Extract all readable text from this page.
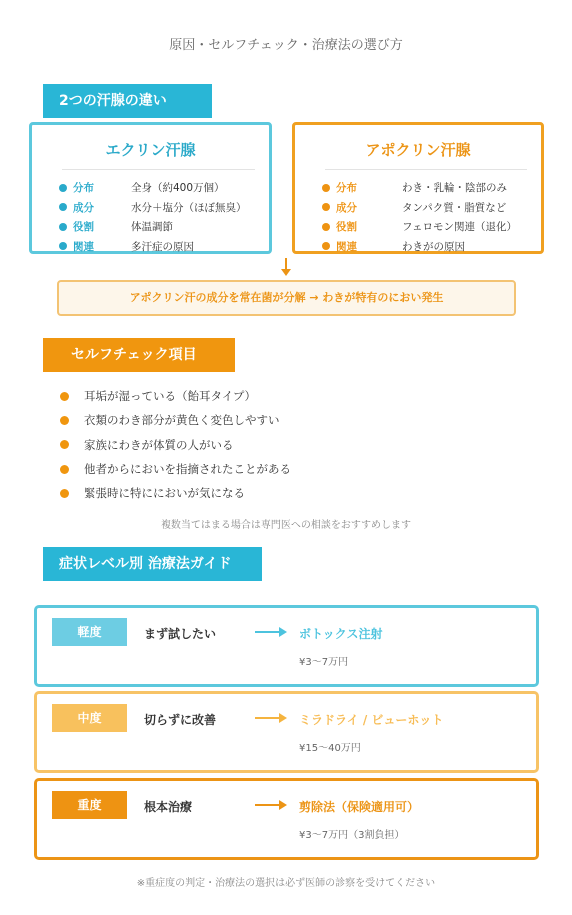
原因・セルフチェック・治療法の選び方
2つの汗腺の違い
エクリン汗腺
分布	全身（約400万個）
成分	水分＋塩分（ほぼ無臭）
役割	体温調節
関連	多汗症の原因
アポクリン汗腺
分布	わき・乳輪・陰部のみ
成分	タンパク質・脂質など
役割	フェロモン関連（退化）
関連	わきがの原因
アポクリン汗の成分を常在菌が分解 → わきが特有のにおい発生
セルフチェック項目
耳垢が湿っている（飴耳タイプ）
衣類のわき部分が黄色く変色しやすい
家族にわきが体質の人がいる
他者からにおいを指摘されたことがある
緊張時に特ににおいが気になる
複数当てはまる場合は専門医への相談をおすすめします
症状レベル別 治療法ガイド
軽度	まず試したい	ボトックス注射
¥3〜7万円
中度	切らずに改善	ミラドライ / ビューホット
¥15〜40万円
重度	根本治療	剪除法（保険適用可）
¥3〜7万円（3割負担）
※重症度の判定・治療法の選択は必ず医師の診察を受けてください
